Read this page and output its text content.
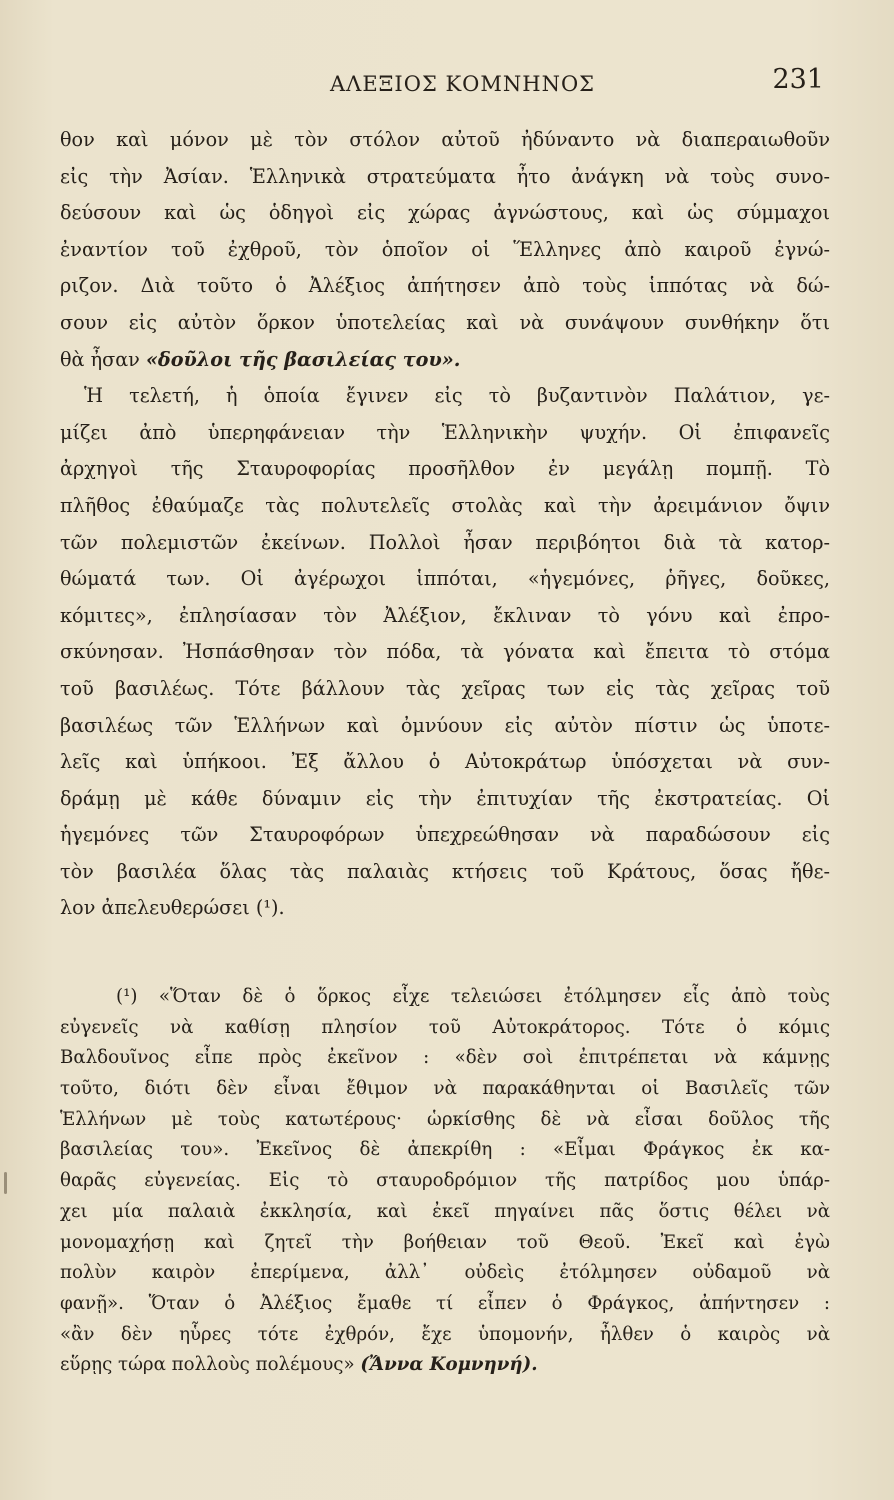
ΑΛΕΞΙΟΣ ΚΟΜΝΗΝΟΣ	231
θον καὶ μόνον μὲ τὸν στόλον αὐτοῦ ἠδύναντο νὰ διαπεραιωθοῦν
εἰς τὴν Ἀσίαν. Ἑλληνικὰ στρατεύματα ἦτο ἀνάγκη νὰ τοὺς συνο-
δεύσουν καὶ ὡς ὁδηγοὶ εἰς χώρας ἀγνώστους, καὶ ὡς σύμμαχοι
ἐναντίον τοῦ ἐχθροῦ, τὸν ὁποῖον οἱ Ἕλληνες ἀπὸ καιροῦ ἐγνώ-
ριζον. Διὰ τοῦτο ὁ Ἀλέξιος ἀπήτησεν ἀπὸ τοὺς ἱππότας νὰ δώ-
σουν εἰς αὐτὸν ὅρκον ὑποτελείας καὶ νὰ συνάψουν συνθήκην ὅτι
θὰ ἦσαν «δοῦλοι τῆς βασιλείας του».
Ἡ τελετή, ἡ ὁποία ἔγινεν εἰς τὸ βυζαντινὸν Παλάτιον, γε-
μίζει ἀπὸ ὑπερηφάνειαν τὴν Ἑλληνικὴν ψυχήν. Οἱ ἐπιφανεῖς
ἀρχηγοὶ τῆς Σταυροφορίας προσῆλθον ἐν μεγάλῃ πομπῇ. Τὸ
πλῆθος ἐθαύμαζε τὰς πολυτελεῖς στολὰς καὶ τὴν ἀρειμάνιον ὄψιν
τῶν πολεμιστῶν ἐκείνων. Πολλοὶ ἦσαν περιβόητοι διὰ τὰ κατορ-
θώματά των. Οἱ ἀγέρωχοι ἱππόται, «ἡγεμόνες, ῥῆγες, δοῦκες,
κόμιτες», ἐπλησίασαν τὸν Ἀλέξιον, ἔκλιναν τὸ γόνυ καὶ ἐπρο-
σκύνησαν. Ἠσπάσθησαν τὸν πόδα, τὰ γόνατα καὶ ἔπειτα τὸ στόμα
τοῦ βασιλέως. Τότε βάλλουν τὰς χεῖρας των εἰς τὰς χεῖρας τοῦ
βασιλέως τῶν Ἑλλήνων καὶ ὀμνύουν εἰς αὐτὸν πίστιν ὡς ὑποτε-
λεῖς καὶ ὑπήκοοι. Ἐξ ἄλλου ὁ Αὐτοκράτωρ ὑπόσχεται νὰ συν-
δράμῃ μὲ κάθε δύναμιν εἰς τὴν ἐπιτυχίαν τῆς ἐκστρατείας. Οἱ
ἡγεμόνες τῶν Σταυροφόρων ὑπεχρεώθησαν νὰ παραδώσουν εἰς
τὸν βασιλέα ὅλας τὰς παλαιὰς κτήσεις τοῦ Κράτους, ὅσας ἤθε-
λον ἀπελευθερώσει (¹).
(¹) «Ὅταν δὲ ὁ ὅρκος εἶχε τελειώσει ἐτόλμησεν εἷς ἀπὸ τοὺς
εὐγενεῖς νὰ καθίσῃ πλησίον τοῦ Αὐτοκράτορος. Τότε ὁ κόμις
Βαλδουῖνος εἶπε πρὸς ἐκεῖνον : «δὲν σοὶ ἐπιτρέπεται νὰ κάμνῃς
τοῦτο, διότι δὲν εἶναι ἔθιμον νὰ παρακάθηνται οἱ Βασιλεῖς τῶν
Ἑλλήνων μὲ τοὺς κατωτέρους· ὡρκίσθης δὲ νὰ εἶσαι δοῦλος τῆς
βασιλείας του». Ἐκεῖνος δὲ ἀπεκρίθη : «Εἶμαι Φράγκος ἐκ κα-
θαρᾶς εὐγενείας. Εἰς τὸ σταυροδρόμιον τῆς πατρίδος μου ὑπάρ-
χει μία παλαιὰ ἐκκλησία, καὶ ἐκεῖ πηγαίνει πᾶς ὅστις θέλει νὰ
μονομαχήσῃ καὶ ζητεῖ τὴν βοήθειαν τοῦ Θεοῦ. Ἐκεῖ καὶ ἐγὼ
πολὺν καιρὸν ἐπερίμενα, ἀλλ᾽ οὐδεὶς ἐτόλμησεν οὐδαμοῦ νὰ
φανῇ». Ὅταν ὁ Ἀλέξιος ἔμαθε τί εἶπεν ὁ Φράγκος, ἀπήντησεν :
«ἂν δὲν ηὗρες τότε ἐχθρόν, ἔχε ὑπομονήν, ἦλθεν ὁ καιρὸς νὰ
εὕρῃς τώρα πολλοὺς πολέμους» (Ἄννα Κομνηνή).
